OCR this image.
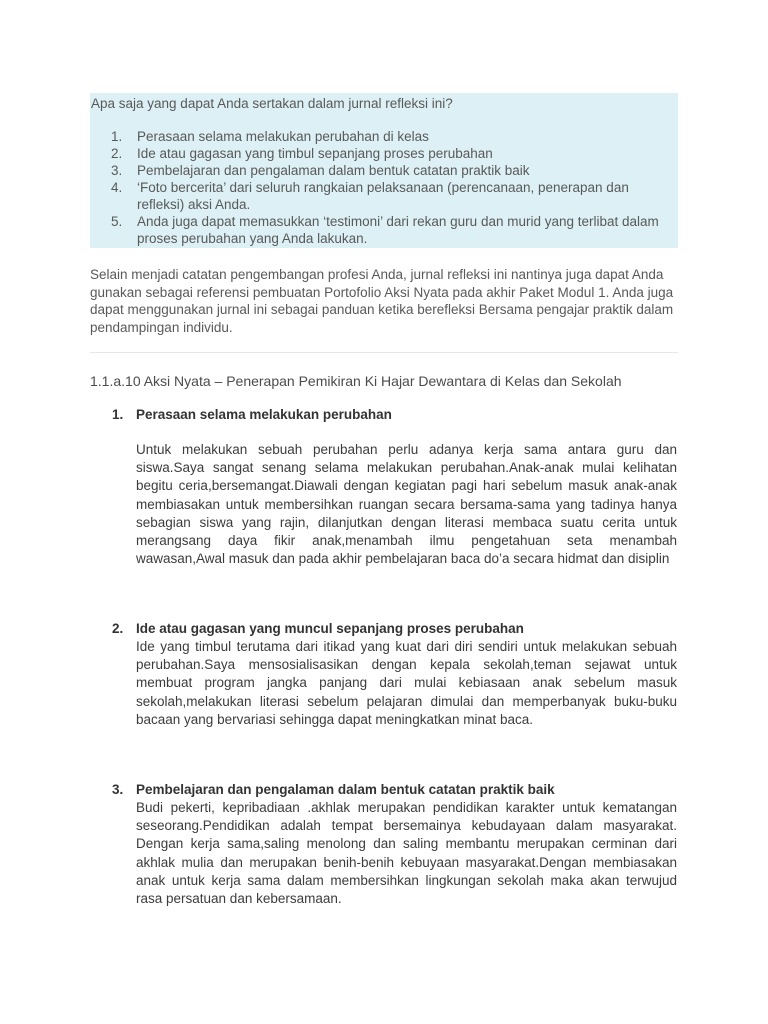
Apa saja yang dapat Anda sertakan dalam jurnal refleksi ini?
1. Perasaan selama melakukan perubahan di kelas
2. Ide atau gagasan yang timbul sepanjang proses perubahan
3. Pembelajaran dan pengalaman dalam bentuk catatan praktik baik
4. ‘Foto bercerita’ dari seluruh rangkaian pelaksanaan (perencanaan, penerapan dan refleksi) aksi Anda.
5. Anda juga dapat memasukkan ‘testimoni’ dari rekan guru dan murid yang terlibat dalam proses perubahan yang Anda lakukan.
Selain menjadi catatan pengembangan profesi Anda, jurnal refleksi ini nantinya juga dapat Anda gunakan sebagai referensi pembuatan Portofolio Aksi Nyata pada akhir Paket Modul 1. Anda juga dapat menggunakan jurnal ini sebagai panduan ketika berefleksi Bersama pengajar praktik dalam pendampingan individu.
1.1.a.10 Aksi Nyata – Penerapan Pemikiran Ki Hajar Dewantara di Kelas dan Sekolah
1. Perasaan selama melakukan perubahan
Untuk melakukan sebuah perubahan perlu adanya kerja sama antara guru dan siswa.Saya sangat senang selama melakukan perubahan.Anak-anak mulai kelihatan begitu ceria,bersemangat.Diawali dengan kegiatan pagi hari sebelum masuk anak-anak membiasakan untuk membersihkan ruangan secara bersama-sama yang tadinya hanya sebagian siswa yang rajin, dilanjutkan dengan literasi membaca suatu cerita untuk merangsang daya fikir anak,menambah ilmu pengetahuan seta menambah wawasan,Awal masuk dan pada akhir pembelajaran baca do’a secara hidmat dan disiplin
2. Ide atau gagasan yang muncul sepanjang proses perubahan
Ide yang timbul terutama dari itikad yang kuat dari diri sendiri untuk melakukan sebuah perubahan.Saya mensosialisasikan dengan kepala sekolah,teman sejawat untuk membuat program jangka panjang dari mulai kebiasaan anak sebelum masuk sekolah,melakukan literasi sebelum pelajaran dimulai dan memperbanyak buku-buku bacaan yang bervariasi sehingga dapat meningkatkan minat baca.
3. Pembelajaran dan pengalaman dalam bentuk catatan praktik baik
Budi pekerti, kepribadiaan .akhlak merupakan pendidikan karakter untuk kematangan seseorang.Pendidikan adalah tempat bersemainya kebudayaan dalam masyarakat. Dengan kerja sama,saling menolong dan saling membantu merupakan cerminan dari akhlak mulia dan merupakan benih-benih kebuyaan masyarakat.Dengan membiasakan anak untuk kerja sama dalam membersihkan lingkungan sekolah maka akan terwujud rasa persatuan dan kebersamaan.
